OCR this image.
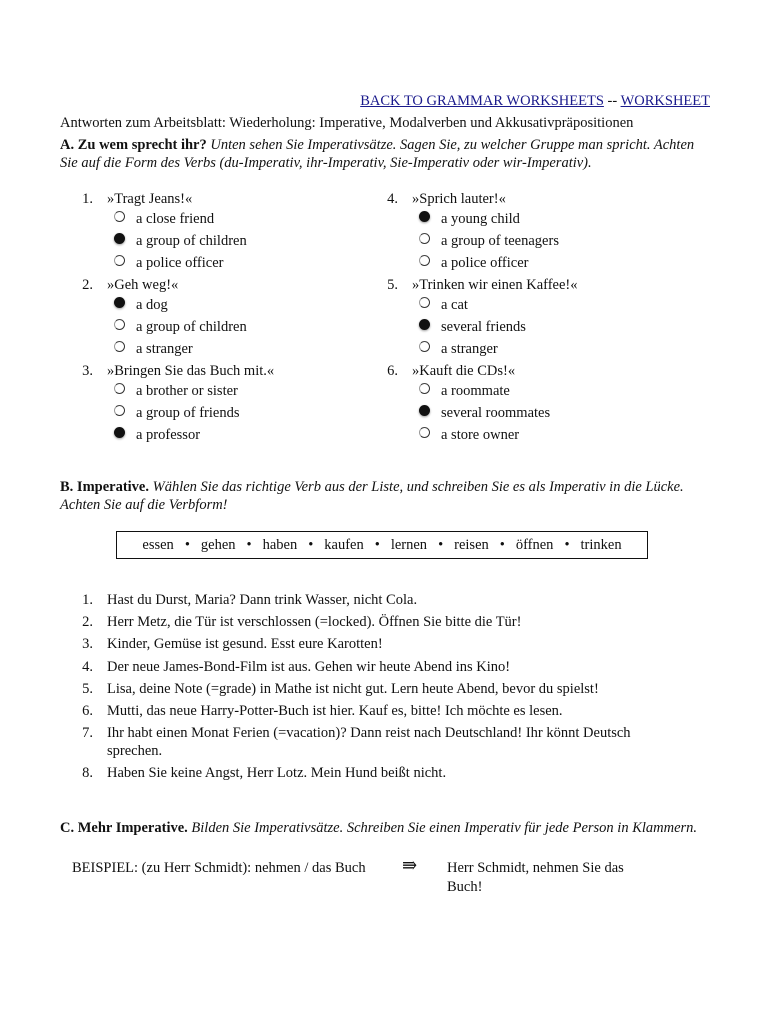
BACK TO GRAMMAR WORKSHEETS -- WORKSHEET
Antworten zum Arbeitsblatt: Wiederholung: Imperative, Modalverben und Akkusativpräpositionen
A. Zu wem sprecht ihr? Unten sehen Sie Imperativsätze. Sagen Sie, zu welcher Gruppe man spricht. Achten Sie auf die Form des Verbs (du-Imperativ, ihr-Imperativ, Sie-Imperativ oder wir-Imperativ).
1. »Tragt Jeans!«
a close friend
a group of children
a police officer
2. »Geh weg!«
a dog
a group of children
a stranger
3. »Bringen Sie das Buch mit.«
a brother or sister
a group of friends
a professor
4. »Sprich lauter!«
a young child
a group of teenagers
a police officer
5. »Trinken wir einen Kaffee!«
a cat
several friends
a stranger
6. »Kauft die CDs!«
a roommate
several roommates
a store owner
B. Imperative. Wählen Sie das richtige Verb aus der Liste, und schreiben Sie es als Imperativ in die Lücke. Achten Sie auf die Verbform!
essen • gehen • haben • kaufen • lernen • reisen • öffnen • trinken
1. Hast du Durst, Maria? Dann trink Wasser, nicht Cola.
2. Herr Metz, die Tür ist verschlossen (=locked). Öffnen Sie bitte die Tür!
3. Kinder, Gemüse ist gesund. Esst eure Karotten!
4. Der neue James-Bond-Film ist aus. Gehen wir heute Abend ins Kino!
5. Lisa, deine Note (=grade) in Mathe ist nicht gut. Lern heute Abend, bevor du spielst!
6. Mutti, das neue Harry-Potter-Buch ist hier. Kauf es, bitte! Ich möchte es lesen.
7. Ihr habt einen Monat Ferien (=vacation)? Dann reist nach Deutschland! Ihr könnt Deutsch sprechen.
8. Haben Sie keine Angst, Herr Lotz. Mein Hund beißt nicht.
C. Mehr Imperative. Bilden Sie Imperativsätze. Schreiben Sie einen Imperativ für jede Person in Klammern.
BEISPIEL: (zu Herr Schmidt): nehmen / das Buch	⇛	Herr Schmidt, nehmen Sie das Buch!
